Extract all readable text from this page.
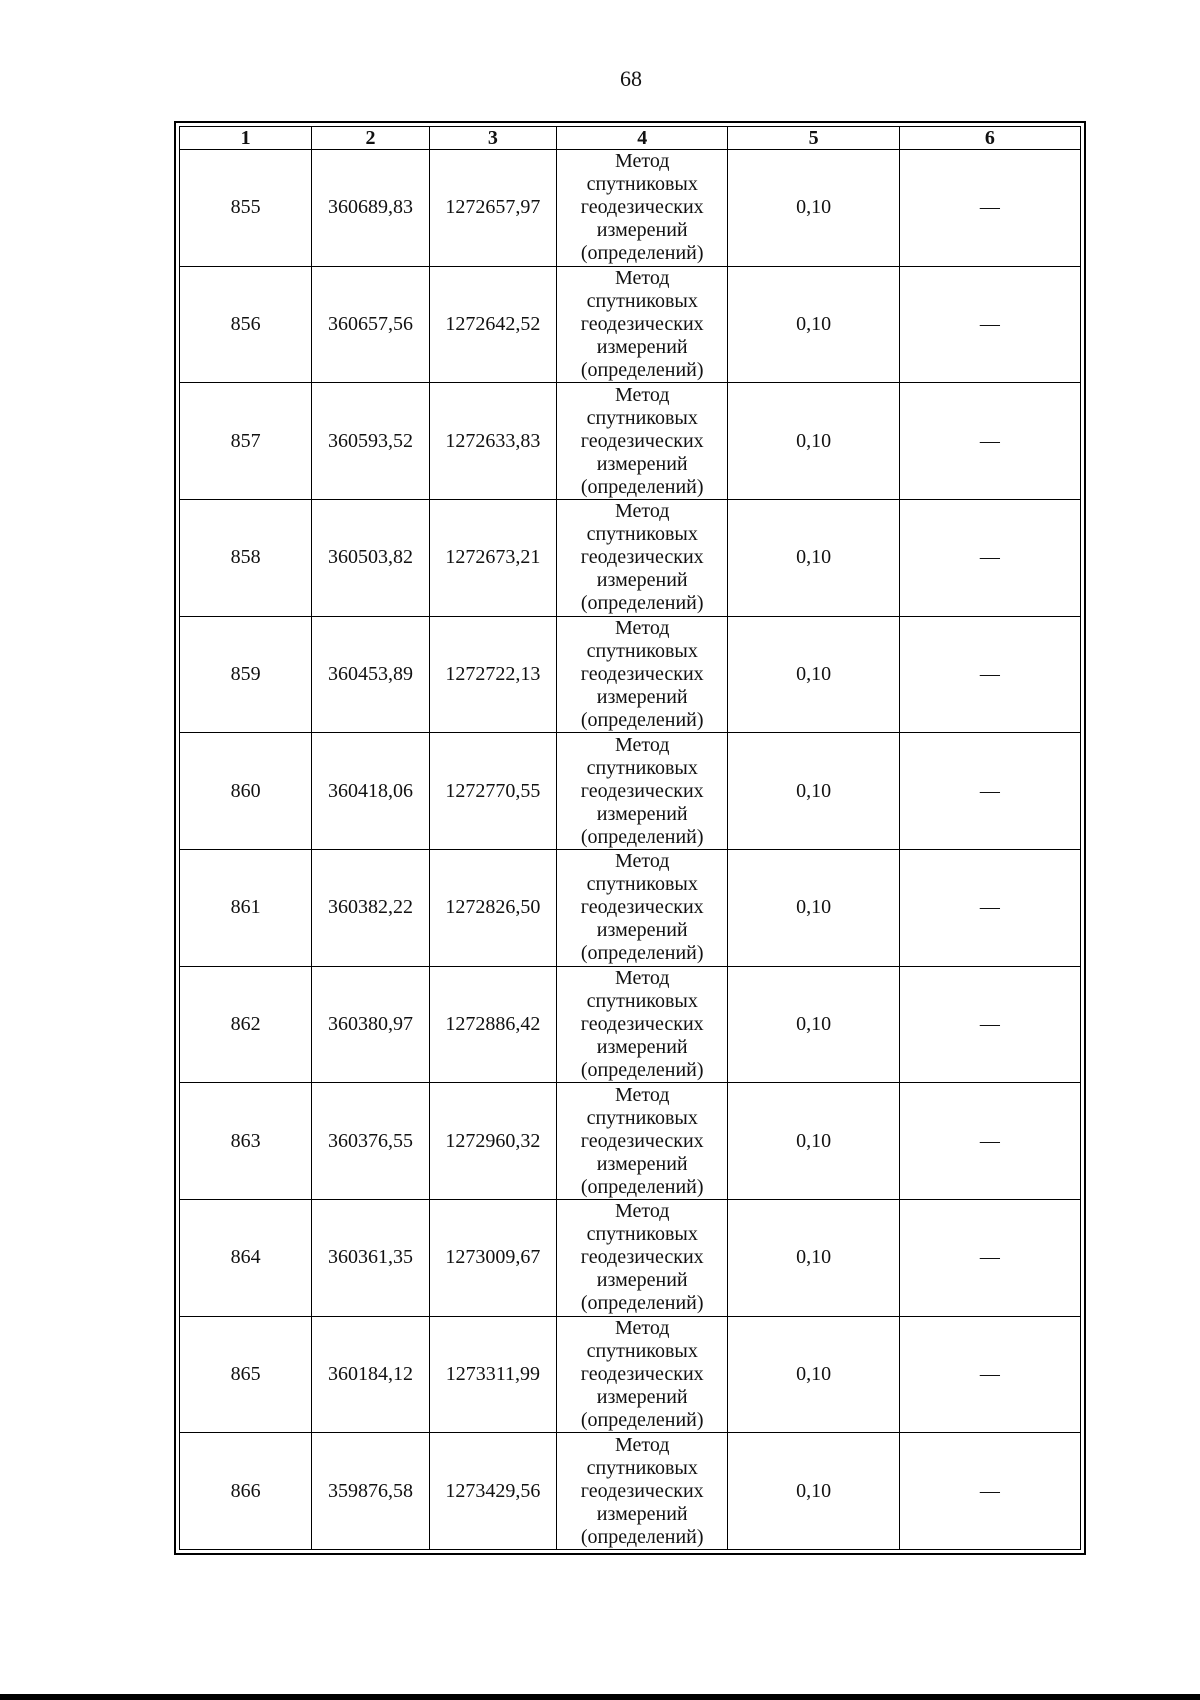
68
1	2	3	4	5	6
855	360689,83	1272657,97	Метод спутниковых геодезических измерений (определений)	0,10	—
856	360657,56	1272642,52	Метод спутниковых геодезических измерений (определений)	0,10	—
857	360593,52	1272633,83	Метод спутниковых геодезических измерений (определений)	0,10	—
858	360503,82	1272673,21	Метод спутниковых геодезических измерений (определений)	0,10	—
859	360453,89	1272722,13	Метод спутниковых геодезических измерений (определений)	0,10	—
860	360418,06	1272770,55	Метод спутниковых геодезических измерений (определений)	0,10	—
861	360382,22	1272826,50	Метод спутниковых геодезических измерений (определений)	0,10	—
862	360380,97	1272886,42	Метод спутниковых геодезических измерений (определений)	0,10	—
863	360376,55	1272960,32	Метод спутниковых геодезических измерений (определений)	0,10	—
864	360361,35	1273009,67	Метод спутниковых геодезических измерений (определений)	0,10	—
865	360184,12	1273311,99	Метод спутниковых геодезических измерений (определений)	0,10	—
866	359876,58	1273429,56	Метод спутниковых геодезических измерений (определений)	0,10	—
